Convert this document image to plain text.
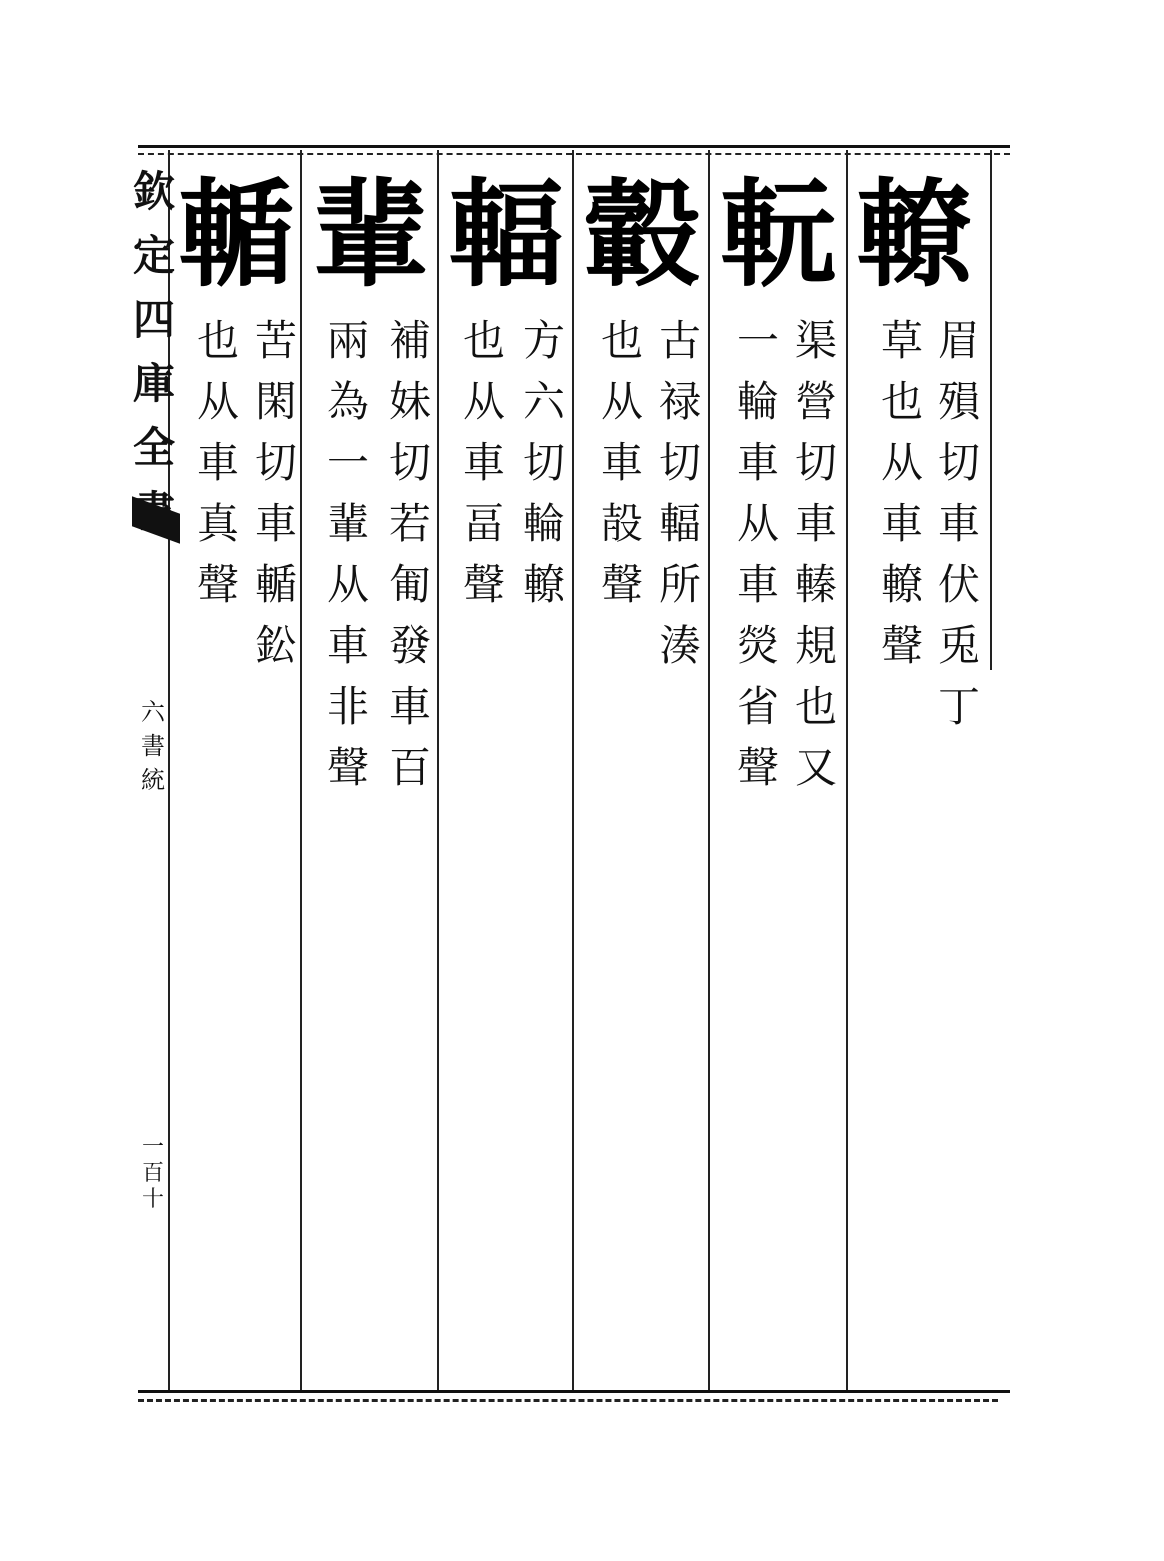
欽定四庫全
六書統
一百十
轑
眉殞切車伏兎丁
草也从車轑聲
䡇
渠營切車轃規也又
一輪車从車熒省聲
轂
古禄切輻所湊
也从車㱿聲
輻
方六切輪轑
也从車畐聲
輩
補妹切若匍發車百
兩為一輩从車非聲
輴
苦閑切車輴鈆
也从車真聲
